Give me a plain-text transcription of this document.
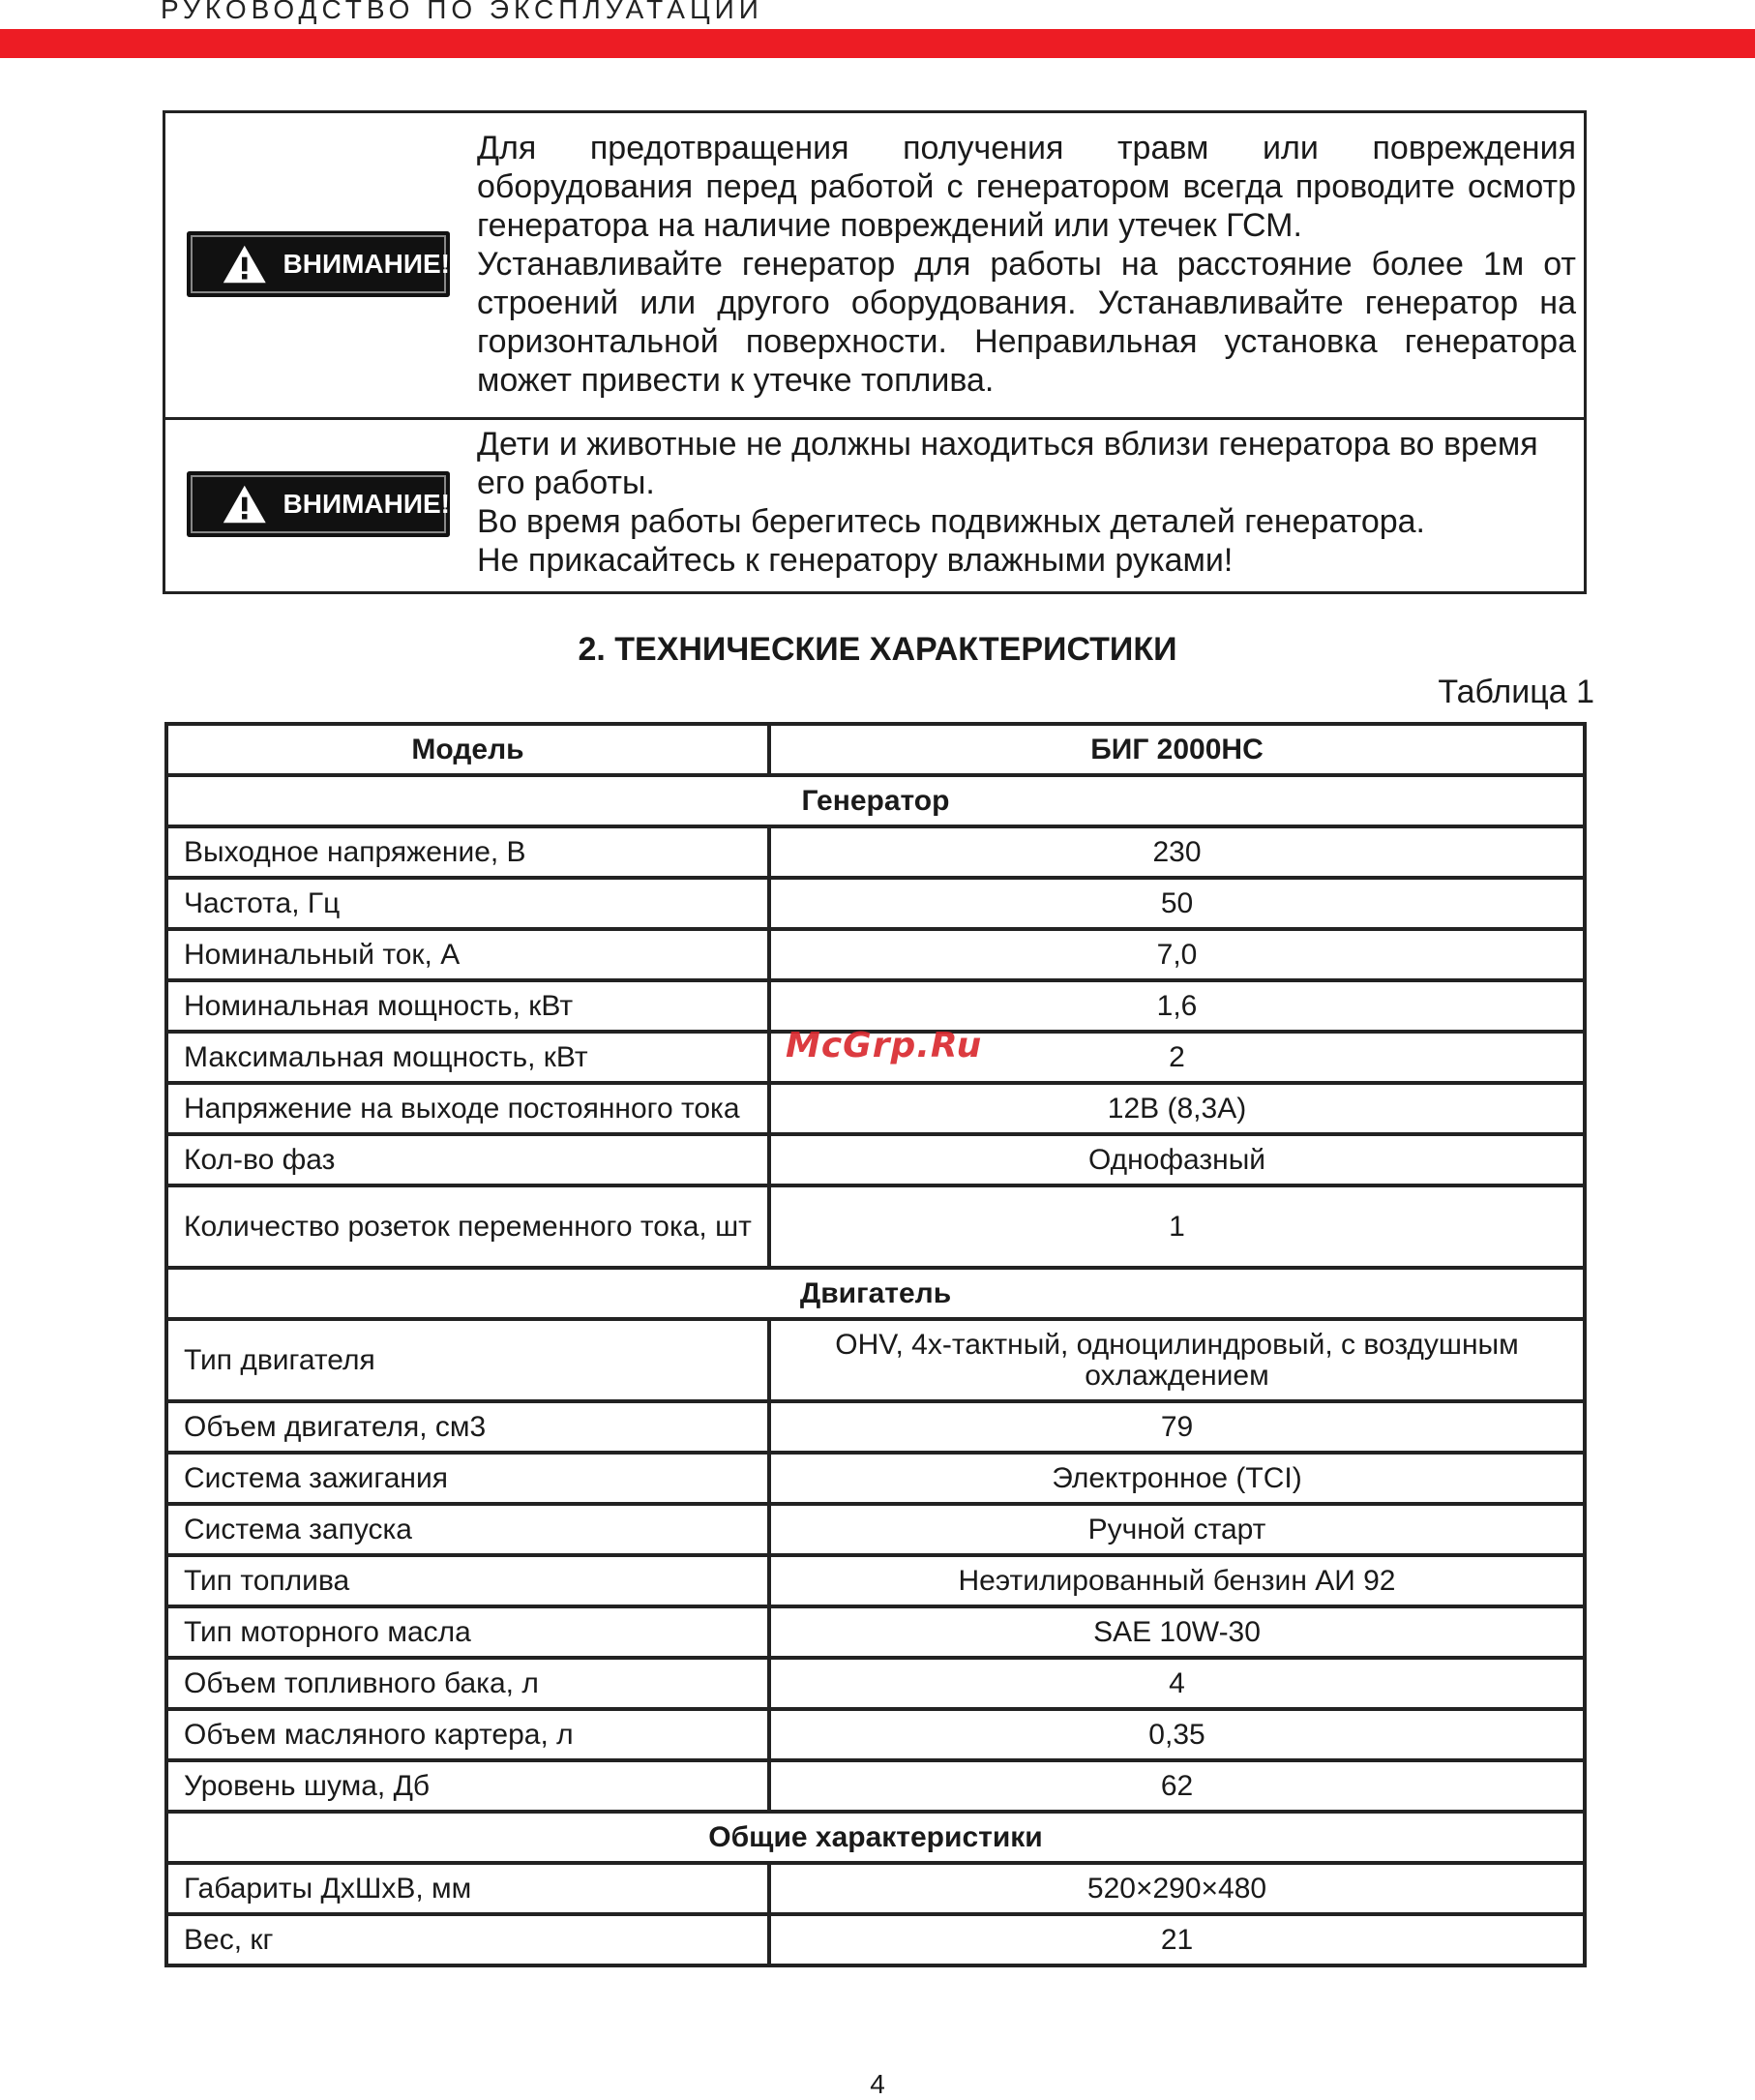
РУКОВОДСТВО ПО ЭКСПЛУАТАЦИИ
ВНИМАНИЕ!

Для предотвращения получения травм или повреждения оборудования перед работой с генератором всегда проводите осмотр генератора на наличие повреждений или утечек ГСМ.

Устанавливайте генератор для работы на расстояние более 1м от строений или другого оборудования. Устанавливайте генератор на горизонтальной поверхности. Неправильная установка генератора может привести к утечке топлива.

ВНИМАНИЕ!

Дети и животные не должны находиться вблизи генератора во время его работы.

Во время работы берегитесь подвижных деталей генератора.

Не прикасайтесь к генератору влажными руками!

2. ТЕХНИЧЕСКИЕ ХАРАКТЕРИСТИКИ
Таблица 1
Модель	БИГ 2000НС
Генератор	
Выходное напряжение, В	230
Частота, Гц	50
Номинальный ток, А	7,0
Номинальная мощность, кВт	1,6
Максимальная мощность, кВт	2
Напряжение на выходе постоянного тока	12В (8,3А)
Кол-во фаз	Однофазный
Количество розеток переменного тока, шт	1
Двигатель	
Тип двигателя	OHV, 4х-тактный, одноцилиндровый, с воздушным охлаждением
Объем двигателя, см3	79
Система зажигания	Электронное (TCI)
Система запуска	Ручной старт
Тип топлива	Неэтилированный бензин АИ 92
Тип моторного масла	SAE 10W-30
Объем топливного бака, л	4
Объем масляного картера, л	0,35
Уровень шума, Дб	62
Общие характеристики	
Габариты ДхШхВ, мм	520×290×480
Вес, кг	21
McGrp.Ru
4
